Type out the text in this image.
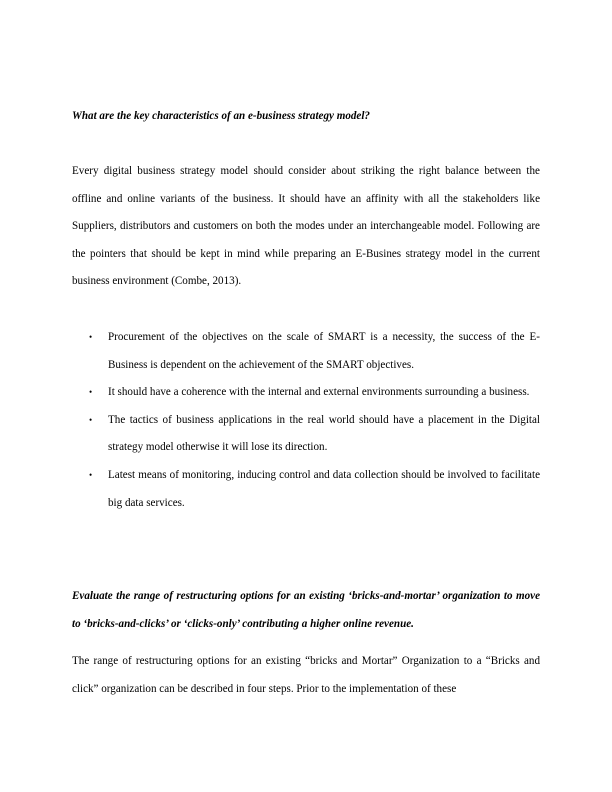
What are the key characteristics of an e-business strategy model?
Every digital business strategy model should consider about striking the right balance between the offline and online variants of the business. It should have an affinity with all the stakeholders like Suppliers, distributors and customers on both the modes under an interchangeable model. Following are the pointers that should be kept in mind while preparing an E-Busines strategy model in the current business environment (Combe, 2013).
•	Procurement of the objectives on the scale of SMART is a necessity, the success of the E-Business is dependent on the achievement of the SMART objectives.
•	It should have a coherence with the internal and external environments surrounding a business.
•	The tactics of business applications in the real world should have a placement in the Digital strategy model otherwise it will lose its direction.
•	Latest means of monitoring, inducing control and data collection should be involved to facilitate big data services.
Evaluate the range of restructuring options for an existing ‘bricks-and-mortar’ organization to move to ‘bricks-and-clicks’ or ‘clicks-only’ contributing a higher online revenue.
The range of restructuring options for an existing “bricks and Mortar” Organization to a “Bricks and click” organization can be described in four steps. Prior to the implementation of these
